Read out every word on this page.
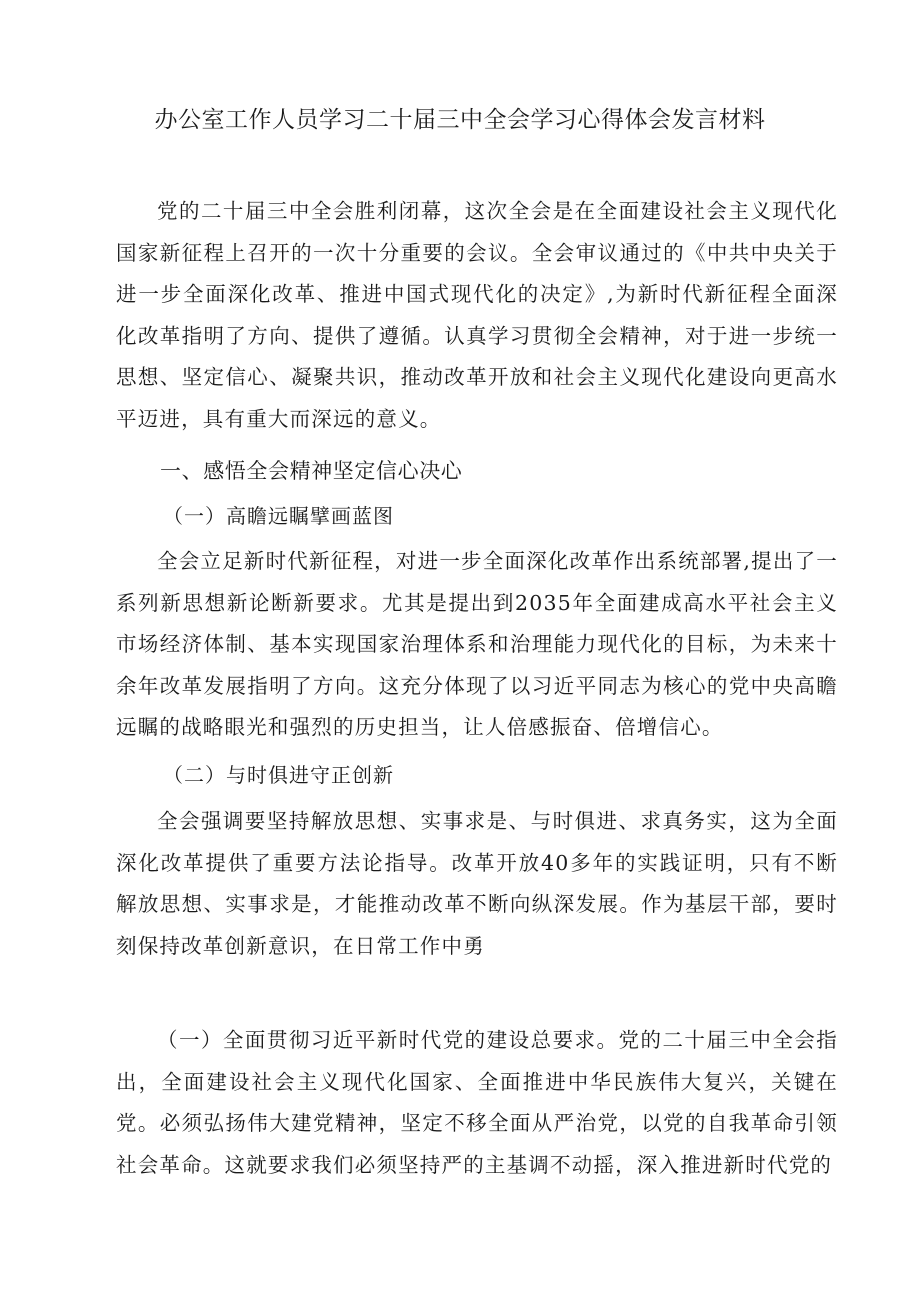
办公室工作人员学习二十届三中全会学习心得体会发言材料
党的二十届三中全会胜利闭幕，这次全会是在全面建设社会主义现代化国家新征程上召开的一次十分重要的会议。全会审议通过的《中共中央关于进一步全面深化改革、推进中国式现代化的决定》,为新时代新征程全面深化改革指明了方向、提供了遵循。认真学习贯彻全会精神，对于进一步统一思想、坚定信心、凝聚共识，推动改革开放和社会主义现代化建设向更高水平迈进，具有重大而深远的意义。
一、感悟全会精神坚定信心决心
（一）高瞻远瞩擘画蓝图
全会立足新时代新征程，对进一步全面深化改革作出系统部署,提出了一系列新思想新论断新要求。尤其是提出到2035年全面建成高水平社会主义市场经济体制、基本实现国家治理体系和治理能力现代化的目标，为未来十余年改革发展指明了方向。这充分体现了以习近平同志为核心的党中央高瞻远瞩的战略眼光和强烈的历史担当，让人倍感振奋、倍增信心。
（二）与时俱进守正创新
全会强调要坚持解放思想、实事求是、与时俱进、求真务实，这为全面深化改革提供了重要方法论指导。改革开放40多年的实践证明，只有不断解放思想、实事求是，才能推动改革不断向纵深发展。作为基层干部，要时刻保持改革创新意识，在日常工作中勇
（一）全面贯彻习近平新时代党的建设总要求。党的二十届三中全会指出，全面建设社会主义现代化国家、全面推进中华民族伟大复兴，关键在党。必须弘扬伟大建党精神，坚定不移全面从严治党，以党的自我革命引领社会革命。这就要求我们必须坚持严的主基调不动摇，深入推进新时代党的
